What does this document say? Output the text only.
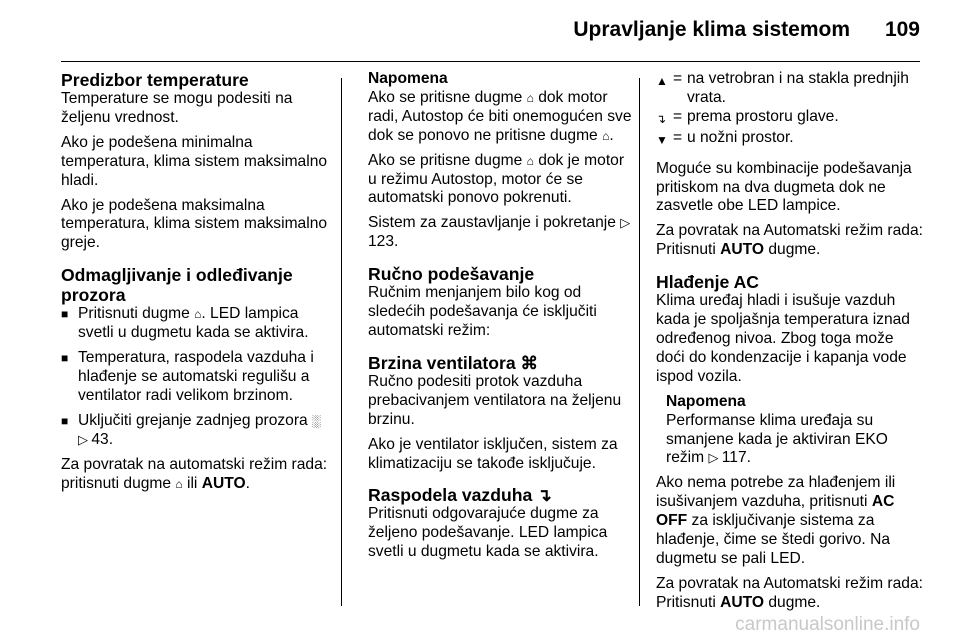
Upravljanje klima sistemom 109
Predizbor temperature

Temperature se mogu podesiti na željenu vrednost.

Ako je podešena minimalna temperatura, klima sistem maksimalno hladi.

Ako je podešena maksimalna temperatura, klima sistem maksimalno greje.

Odmagljivanje i odleđivanje prozora
■ Pritisnuti dugme ⌂. LED lampica svetli u dugmetu kada se aktivira.
■ Temperatura, raspodela vazduha i hlađenje se automatski regulišu a ventilator radi velikom brzinom.
■ Uključiti grejanje zadnjeg prozora ░ ▷ 43.

Za povratak na automatski režim rada: pritisnuti dugme ⌂ ili AUTO.

Napomena

Ako se pritisne dugme ⌂ dok motor radi, Autostop će biti onemogućen sve dok se ponovo ne pritisne dugme ⌂.

Ako se pritisne dugme ⌂ dok je motor u režimu Autostop, motor će se automatski ponovo pokrenuti.

Sistem za zaustavljanje i pokretanje ▷ 123.

Ručno podešavanje

Ručnim menjanjem bilo kog od sledećih podešavanja će isključiti automatski režim:

Brzina ventilatora ⌘

Ručno podesiti protok vazduha prebacivanjem ventilatora na željenu brzinu.

Ako je ventilator isključen, sistem za klimatizaciju se takođe isključuje.

Raspodela vazduha ↴

Pritisnuti odgovarajuće dugme za željeno podešavanje. LED lampica svetli u dugmetu kada se aktivira.

▲ = na vetrobran i na stakla prednjih vrata.
↴ = prema prostoru glave.
▼ = u nožni prostor.

Moguće su kombinacije podešavanja pritiskom na dva dugmeta dok ne zasvetle obe LED lampice.

Za povratak na Automatski režim rada: Pritisnuti AUTO dugme.

Hlađenje AC

Klima uređaj hladi i isušuje vazduh kada je spoljašnja temperatura iznad određenog nivoa. Zbog toga može doći do kondenzacije i kapanja vode ispod vozila.

Napomena

Performanse klima uređaja su smanjene kada je aktiviran EKO režim ▷ 117.

Ako nema potrebe za hlađenjem ili isušivanjem vazduha, pritisnuti AC OFF za isključivanje sistema za hlađenje, čime se štedi gorivo. Na dugmetu se pali LED.

Za povratak na Automatski režim rada: Pritisnuti AUTO dugme.

carmanualsonline.info
